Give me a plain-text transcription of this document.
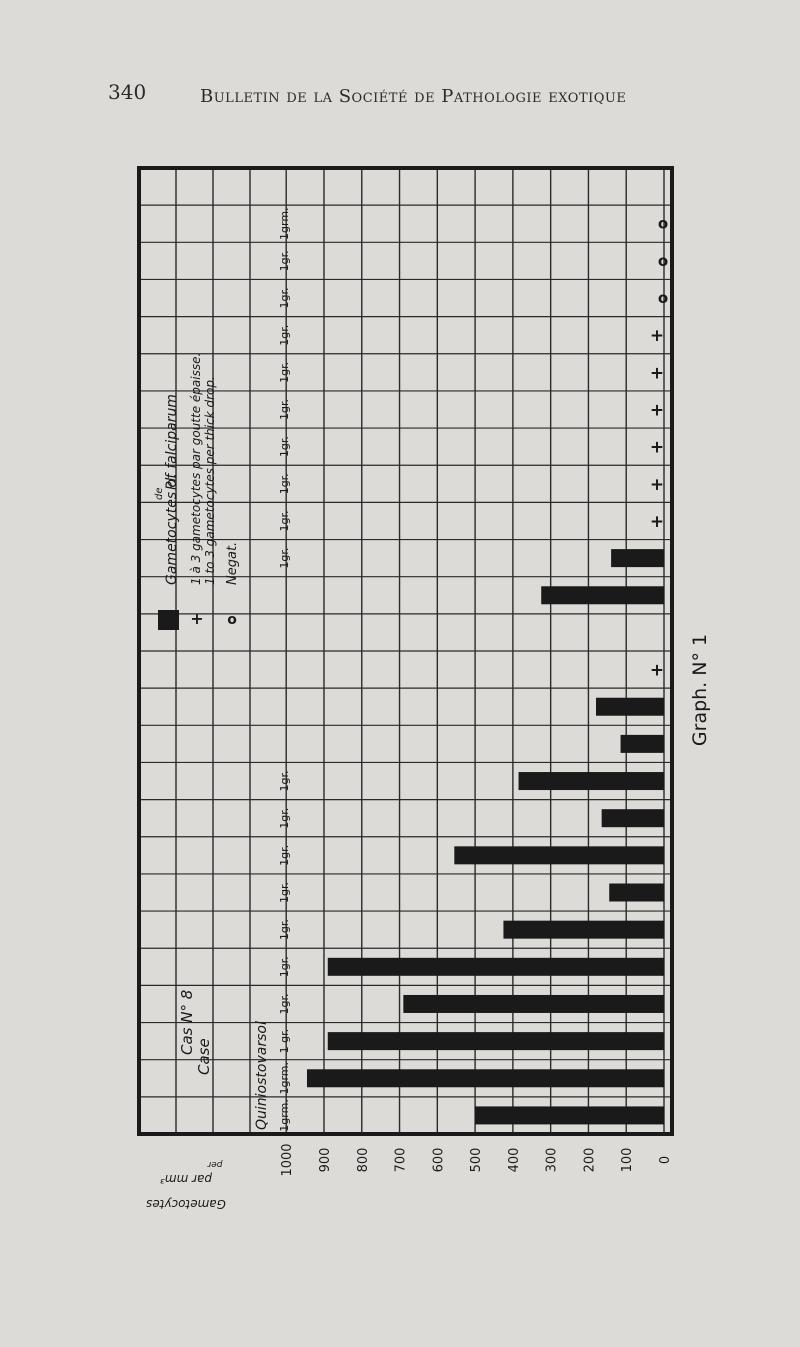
340	Bulletin de la Société de Pathologie exotique
+
+
+
+
+
+
+
o
o
o
1grm.
1grm.
1 gr.
1gr.
1gr.
1gr.
1gr.
1gr.
1gr.
1gr.
1gr.
1gr.
1gr.
1gr.
1gr.
1gr.
1gr.
1gr.
1gr.
1grm.
1000 900 800 700 600 500 400 300 200 100 0
+ o
Gametocytes of
de
Pl. falciparum 1 à 3 gametocytes par goutte épaisse. 1 to 3 gametocytes per thick drop. Negat.
Cas N° 8
Case	Quiniostovarsol
Gametocytes
par mm³
per
Graph. N° 1
